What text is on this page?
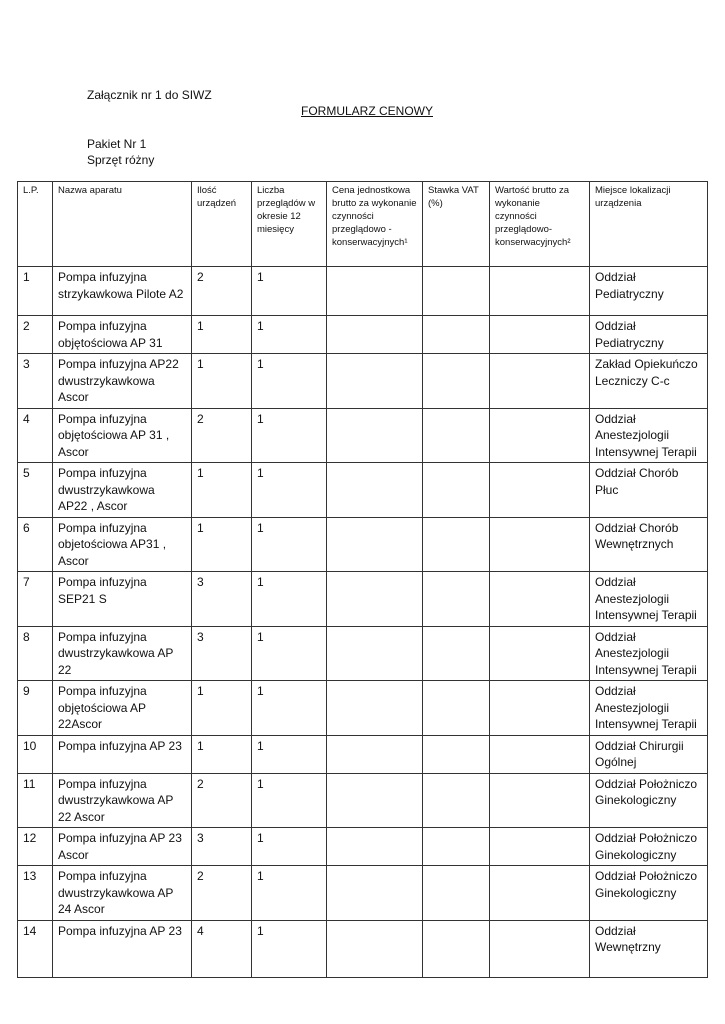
Załącznik nr 1 do SIWZ
FORMULARZ CENOWY
Pakiet Nr 1
Sprzęt różny
L.P.	Nazwa aparatu	Ilość urządzeń	Liczba przeglądów w okresie 12 miesięcy	Cena jednostkowa brutto za wykonanie czynności przeglądowo - konserwacyjnych¹	Stawka VAT (%)	Wartość brutto za wykonanie czynności przeglądowo-konserwacyjnych²	Miejsce lokalizacji urządzenia
1	Pompa infuzyjna strzykawkowa Pilote A2	2	1				Oddział Pediatryczny
2	Pompa infuzyjna objętościowa AP 31	1	1				Oddział Pediatryczny
3	Pompa infuzyjna AP22 dwustrzykawkowa Ascor	1	1				Zakład Opiekuńczo Leczniczy C-c
4	Pompa infuzyjna objętościowa AP 31 , Ascor	2	1				Oddział Anestezjologii Intensywnej Terapii
5	Pompa infuzyjna dwustrzykawkowa AP22 , Ascor	1	1				Oddział Chorób Płuc
6	Pompa infuzyjna objetościowa AP31 , Ascor	1	1				Oddział Chorób Wewnętrznych
7	Pompa infuzyjna SEP21 S	3	1				Oddział Anestezjologii Intensywnej Terapii
8	Pompa infuzyjna dwustrzykawkowa AP 22	3	1				Oddział Anestezjologii Intensywnej Terapii
9	Pompa infuzyjna objętościowa AP 22Ascor	1	1				Oddział Anestezjologii Intensywnej Terapii
10	Pompa infuzyjna AP 23	1	1				Oddział Chirurgii Ogólnej
11	Pompa infuzyjna dwustrzykawkowa AP 22 Ascor	2	1				Oddział Położniczo Ginekologiczny
12	Pompa infuzyjna AP 23 Ascor	3	1				Oddział Położniczo Ginekologiczny
13	Pompa infuzyjna dwustrzykawkowa AP 24 Ascor	2	1				Oddział Położniczo Ginekologiczny
14	Pompa infuzyjna AP 23	4	1				Oddział Wewnętrzny
